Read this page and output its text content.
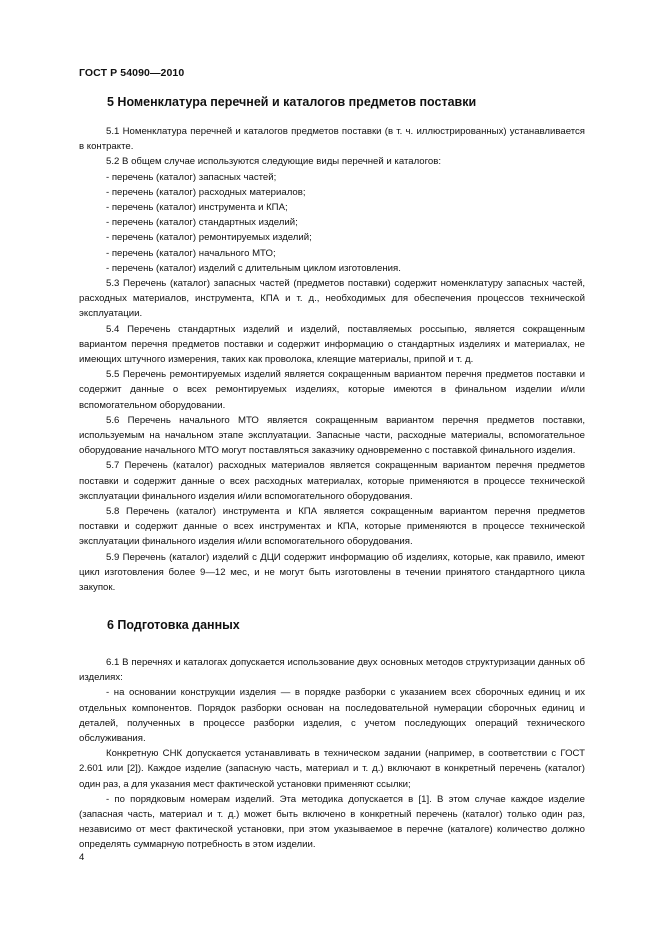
ГОСТ Р 54090—2010
5 Номенклатура перечней и каталогов предметов поставки

5.1 Номенклатура перечней и каталогов предметов поставки (в т. ч. иллюстрированных) устанавливается в контракте.

5.2 В общем случае используются следующие виды перечней и каталогов:

- перечень (каталог) запасных частей;

- перечень (каталог) расходных материалов;

- перечень (каталог) инструмента и КПА;

- перечень (каталог) стандартных изделий;

- перечень (каталог) ремонтируемых изделий;

- перечень (каталог) начального МТО;

- перечень (каталог) изделий с длительным циклом изготовления.

5.3 Перечень (каталог) запасных частей (предметов поставки) содержит номенклатуру запасных частей, расходных материалов, инструмента, КПА и т. д., необходимых для обеспечения процессов технической эксплуатации.

5.4 Перечень стандартных изделий и изделий, поставляемых россыпью, является сокращенным вариантом перечня предметов поставки и содержит информацию о стандартных изделиях и материалах, не имеющих штучного измерения, таких как проволока, клеящие материалы, припой и т. д.

5.5 Перечень ремонтируемых изделий является сокращенным вариантом перечня предметов поставки и содержит данные о всех ремонтируемых изделиях, которые имеются в финальном изделии и/или вспомогательном оборудовании.

5.6 Перечень начального МТО является сокращенным вариантом перечня предметов поставки, используемым на начальном этапе эксплуатации. Запасные части, расходные материалы, вспомогательное оборудование начального МТО могут поставляться заказчику одновременно с поставкой финального изделия.

5.7 Перечень (каталог) расходных материалов является сокращенным вариантом перечня предметов поставки и содержит данные о всех расходных материалах, которые применяются в процессе технической эксплуатации финального изделия и/или вспомогательного оборудования.

5.8 Перечень (каталог) инструмента и КПА является сокращенным вариантом перечня предметов поставки и содержит данные о всех инструментах и КПА, которые применяются в процессе технической эксплуатации финального изделия и/или вспомогательного оборудования.

5.9 Перечень (каталог) изделий с ДЦИ содержит информацию об изделиях, которые, как правило, имеют цикл изготовления более 9—12 мес, и не могут быть изготовлены в течении принятого стандартного цикла закупок.

6 Подготовка данных

6.1 В перечнях и каталогах допускается использование двух основных методов структуризации данных об изделиях:

- на основании конструкции изделия — в порядке разборки с указанием всех сборочных единиц и их отдельных компонентов. Порядок разборки основан на последовательной нумерации сборочных единиц и деталей, полученных в процессе разборки изделия, с учетом последующих операций технического обслуживания.

Конкретную СНК допускается устанавливать в техническом задании (например, в соответствии с ГОСТ 2.601 или [2]). Каждое изделие (запасную часть, материал и т. д.) включают в конкретный перечень (каталог) один раз, а для указания мест фактической установки применяют ссылки;

- по порядковым номерам изделий. Эта методика допускается в [1]. В этом случае каждое изделие (запасная часть, материал и т. д.) может быть включено в конкретный перечень (каталог) только один раз, независимо от мест фактической установки, при этом указываемое в перечне (каталоге) количество должно определять суммарную потребность в этом изделии.

4
